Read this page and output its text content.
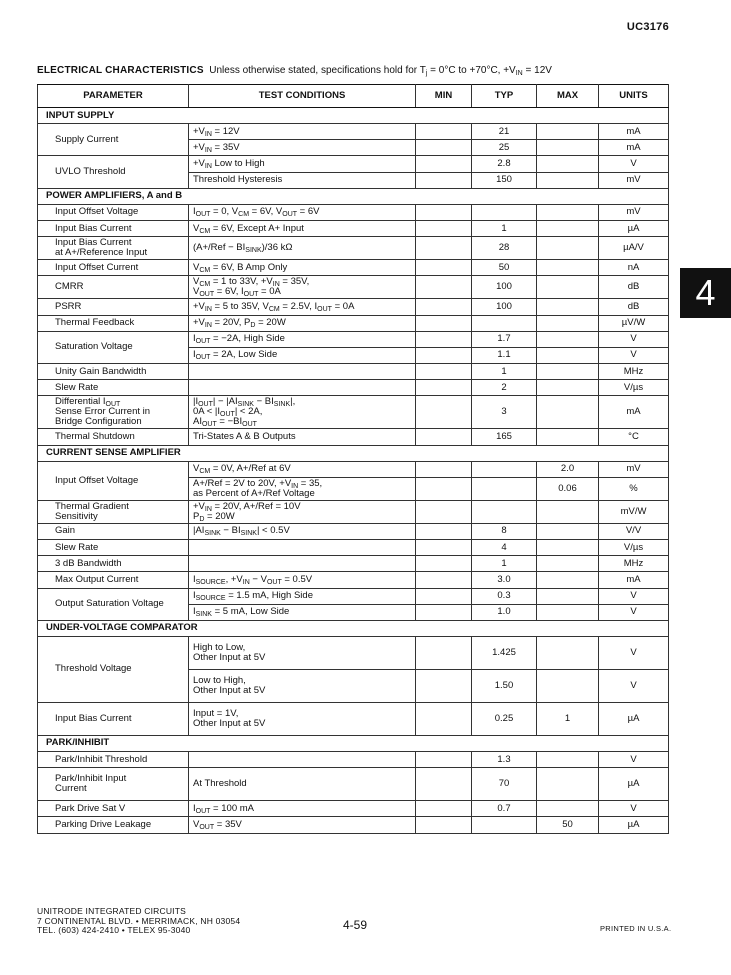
UC3176
ELECTRICAL CHARACTERISTICS Unless otherwise stated, specifications hold for $T_j = 0^\circ C$ to +70°C, $+V_{IN} = 12V$
PARAMETER	TEST CONDITIONS	MIN	TYP	MAX	UNITS
INPUT SUPPLY					
Supply Current	$+V_{IN} = 12V$		21		mA
	$+V_{IN} = 35V$		25		mA
UVLO Threshold	$+V_{IN}$ Low to High		2.8		V
	Threshold Hysteresis		150		mV
POWER AMPLIFIERS, A and B					
Input Offset Voltage	$I_{OUT} = 0$, $V_{CM} = 6V$, $V_{OUT} = 6V$				mV
Input Bias Current	$V_{CM} = 6V$, Except A+ Input		1		µA
Input Bias Current
at A+/Reference Input	$(A+/Ref - BI_{SINK})/36$ kΩ		28		µA/V
Input Offset Current	$V_{CM} = 6V$, B Amp Only		50		nA
CMRR	$V_{CM} = 1$ to 33V, $+V_{IN} = 35V$,
$V_{OUT} = 6V$, $I_{OUT} = 0A$		100		dB
PSRR	$+V_{IN} = 5$ to 35V, $V_{CM} = 2.5V$, $I_{OUT} = 0A$		100		dB
Thermal Feedback	$+V_{IN} = 20V$, $P_D = 20W$				µV/W
Saturation Voltage	$I_{OUT} = -2A$, High Side		1.7		V
	$I_{OUT} = 2A$, Low Side		1.1		V
Unity Gain Bandwidth			1		MHz
Slew Rate			2		V/µs
Differential $I_{OUT}$
Sense Error Current in
Bridge Configuration	$|I_{OUT}| - |AI_{SINK} - BI_{SINK}|$,
$0A < |I_{OUT}| < 2A$,
$AI_{OUT} = -BI_{OUT}$		3		mA
Thermal Shutdown	Tri-States A & B Outputs		165		°C
CURRENT SENSE AMPLIFIER					
Input Offset Voltage	$V_{CM} = 0V$, A+/Ref at 6V			2.0	mV
	A+/Ref = 2V to 20V, $+V_{IN} = 35$,
as Percent of A+/Ref Voltage			0.06	%
Thermal Gradient
Sensitivity	$+V_{IN} = 20V$, A+/Ref = 10V
$P_D = 20W$				mV/W
Gain	$|AI_{SINK} - BI_{SINK}| < 0.5V$		8		V/V
Slew Rate			4		V/µs
3 dB Bandwidth			1		MHz
Max Output Current	$I_{SOURCE}$, $+V_{IN} - V_{OUT} = 0.5V$		3.0		mA
Output Saturation Voltage	$I_{SOURCE} = 1.5$ mA, High Side		0.3		V
	$I_{SINK} = 5$ mA, Low Side		1.0		V
UNDER-VOLTAGE COMPARATOR					
Threshold Voltage	High to Low,
Other Input at 5V		1.425		V
	Low to High,
Other Input at 5V		1.50		V
Input Bias Current	Input = 1V,
Other Input at 5V		0.25	1	µA
PARK/INHIBIT					
Park/Inhibit Threshold			1.3		V
Park/Inhibit Input
Current	At Threshold		70		µA
Park Drive Sat V	$I_{OUT} = 100$ mA		0.7		V
Parking Drive Leakage	$V_{OUT} = 35V$			50	µA
4
UNITRODE INTEGRATED CIRCUITS
7 CONTINENTAL BLVD. • MERRIMACK, NH 03054
TEL. (603) 424-2410 • TELEX 95-3040	4-59	PRINTED IN U.S.A.
